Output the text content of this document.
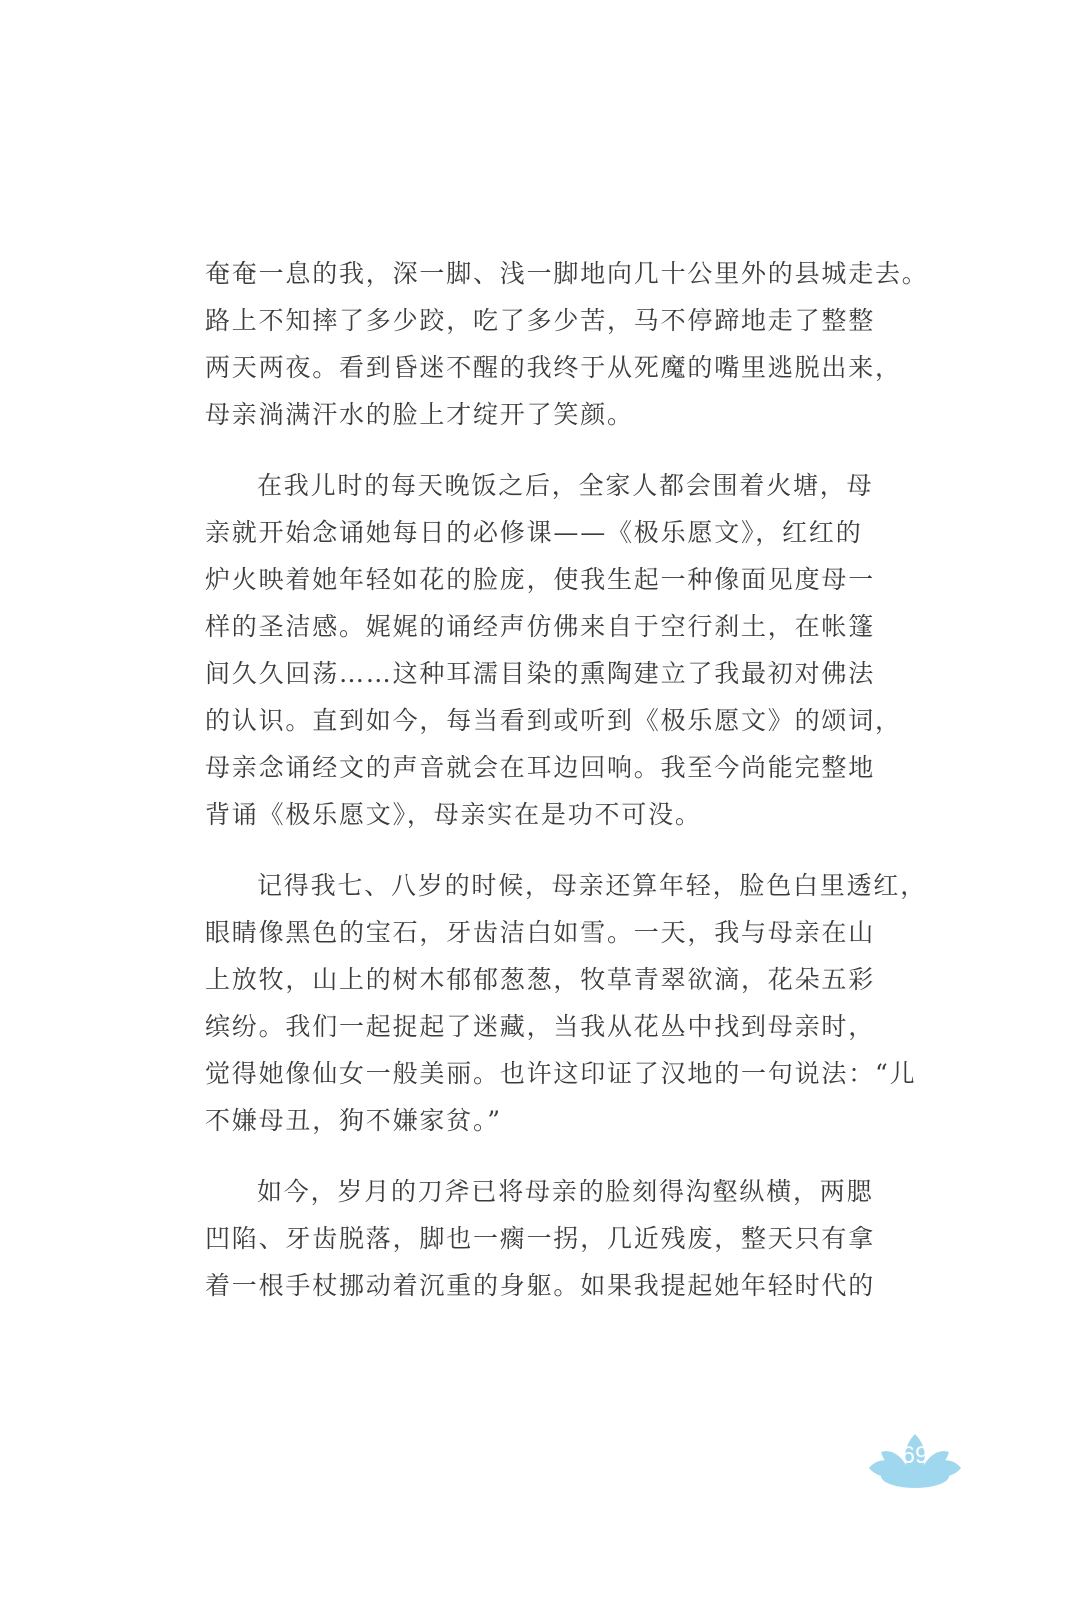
奄奄一息的我，深一脚、浅一脚地向几十公里外的县城走去。
路上不知摔了多少跤，吃了多少苦，马不停蹄地走了整整
两天两夜。看到昏迷不醒的我终于从死魔的嘴里逃脱出来，
母亲淌满汗水的脸上才绽开了笑颜。
在我儿时的每天晚饭之后，全家人都会围着火塘，母
亲就开始念诵她每日的必修课——《极乐愿文》，红红的
炉火映着她年轻如花的脸庞，使我生起一种像面见度母一
样的圣洁感。娓娓的诵经声仿佛来自于空行刹土，在帐篷
间久久回荡……这种耳濡目染的熏陶建立了我最初对佛法
的认识。直到如今，每当看到或听到《极乐愿文》的颂词，
母亲念诵经文的声音就会在耳边回响。我至今尚能完整地
背诵《极乐愿文》，母亲实在是功不可没。
记得我七、八岁的时候，母亲还算年轻，脸色白里透红，
眼睛像黑色的宝石，牙齿洁白如雪。一天，我与母亲在山
上放牧，山上的树木郁郁葱葱，牧草青翠欲滴，花朵五彩
缤纷。我们一起捉起了迷藏，当我从花丛中找到母亲时，
觉得她像仙女一般美丽。也许这印证了汉地的一句说法：“儿
不嫌母丑，狗不嫌家贫。”
如今，岁月的刀斧已将母亲的脸刻得沟壑纵横，两腮
凹陷、牙齿脱落，脚也一瘸一拐，几近残废，整天只有拿
着一根手杖挪动着沉重的身躯。如果我提起她年轻时代的
69
